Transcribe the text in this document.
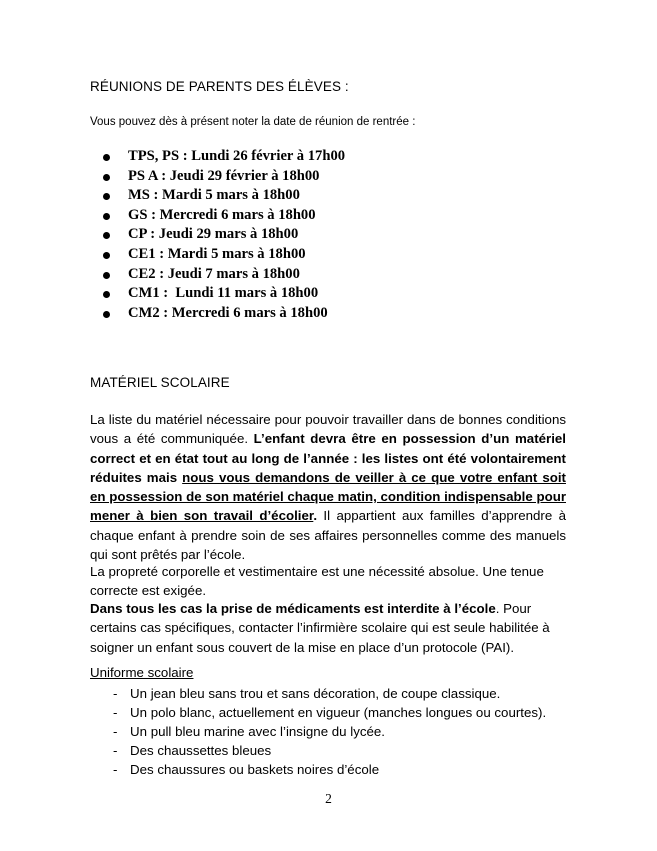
RÉUNIONS DE PARENTS DES ÉLÈVES :

Vous pouvez dès à présent noter la date de réunion de rentrée :

TPS, PS : Lundi 26 février à 17h00
PS A : Jeudi 29 février à 18h00
MS : Mardi 5 mars à 18h00
GS : Mercredi 6 mars à 18h00
CP : Jeudi 29 mars à 18h00
CE1 : Mardi 5 mars à 18h00
CE2 : Jeudi 7 mars à 18h00
CM1 :  Lundi 11 mars à 18h00
CM2 : Mercredi 6 mars à 18h00
MATÉRIEL SCOLAIRE

La liste du matériel nécessaire pour pouvoir travailler dans de bonnes conditions vous a été communiquée. L’enfant devra être en possession d’un matériel correct et en état tout au long de l’année : les listes ont été volontairement réduites mais nous vous demandons de veiller à ce que votre enfant soit en possession de son matériel chaque matin, condition indispensable pour mener à bien son travail d’écolier. Il appartient aux familles d’apprendre à chaque enfant à prendre soin de ses affaires personnelles comme des manuels qui sont prêtés par l’école.

La propreté corporelle et vestimentaire est une nécessité absolue. Une tenue correcte est exigée.

Dans tous les cas la prise de médicaments est interdite à l’école. Pour certains cas spécifiques, contacter l’infirmière scolaire qui est seule habilitée à soigner un enfant sous couvert de la mise en place d’un protocole (PAI).

Uniforme scolaire

- Un jean bleu sans trou et sans décoration, de coupe classique.
- Un polo blanc, actuellement en vigueur (manches longues ou courtes).
- Un pull bleu marine avec l’insigne du lycée.
- Des chaussettes bleues
- Des chaussures ou baskets noires d’école

2
